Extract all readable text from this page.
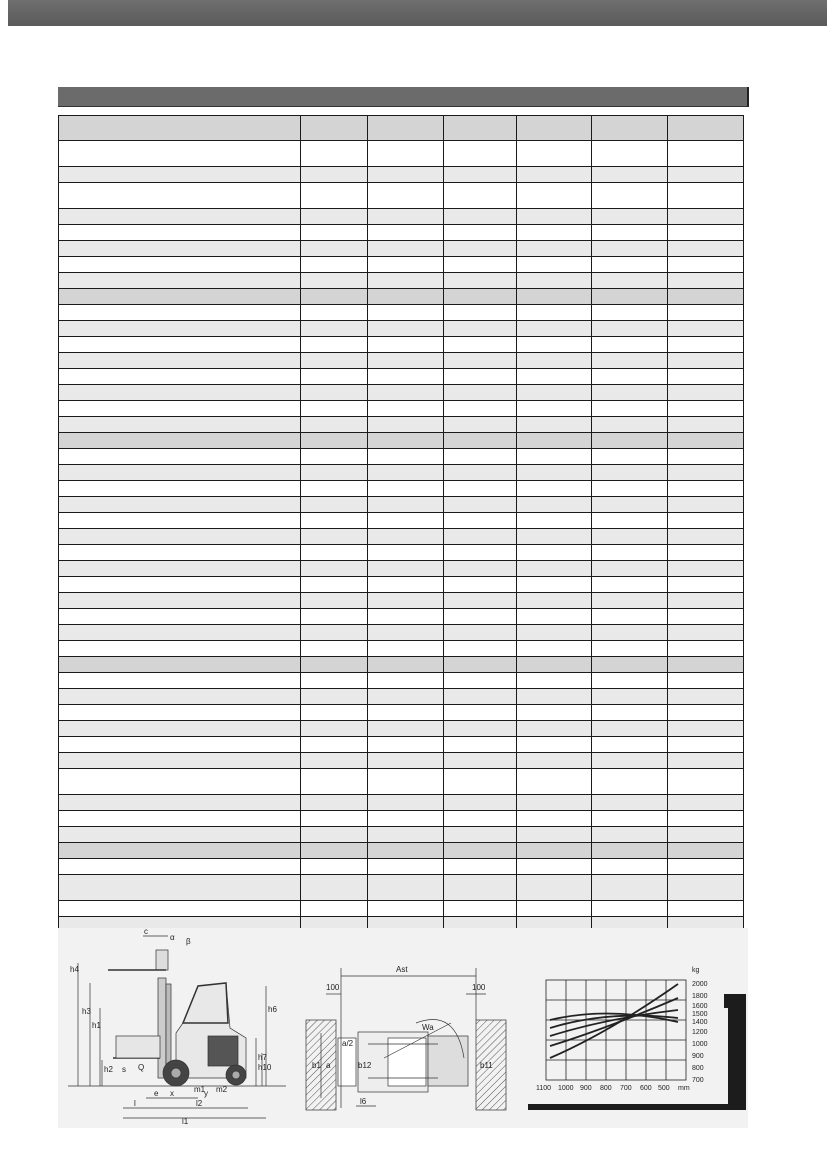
c
α β
h4
h3
h1
h6
h2	Q
s
h7
h10
m1 m2
e x	y
l	l2
l1
Ast
100	100
Wa
a/2
b1 a	b12	b11
l6
kg
2000
1800
1600
1500
1400
1200
1000
900
800
700
1100 1000 900 800 700 600 500 mm
